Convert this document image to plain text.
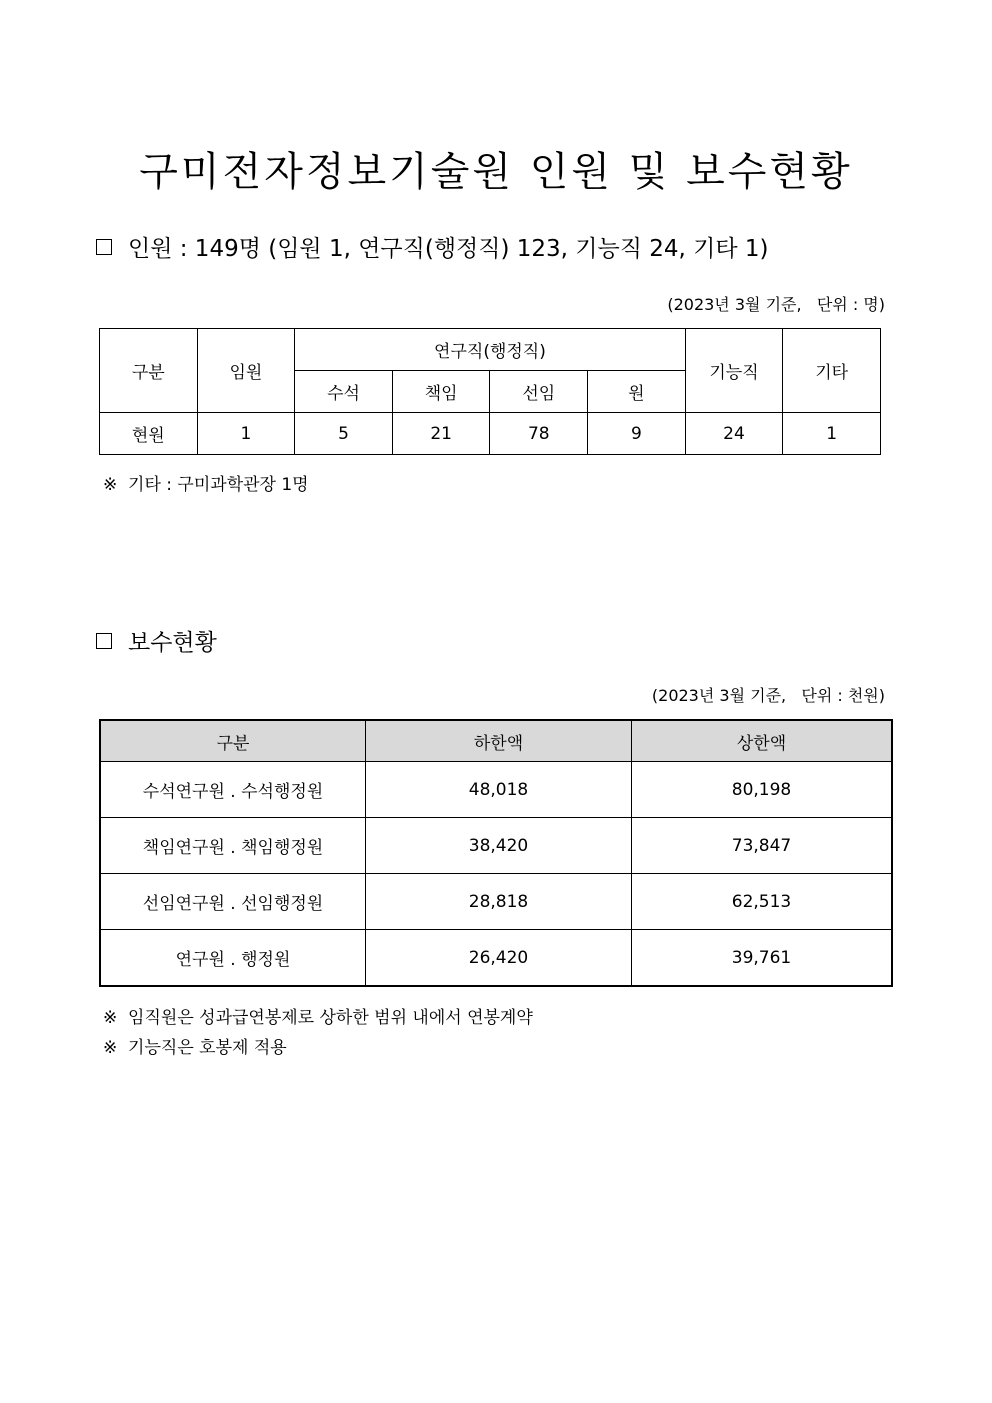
구미전자정보기술원 인원 및 보수현황
인원 : 149명 (임원 1, 연구직(행정직) 123, 기능직 24, 기타 1)
(2023년 3월 기준,   단위 : 명)
구분	임원	연구직(행정직)				기능직	기타
		수석	책임	선임	원		
현원	1	5	21	78	9	24	1
※  기타 : 구미과학관장 1명
보수현황
(2023년 3월 기준,   단위 : 천원)
구분	하한액	상한액
수석연구원 . 수석행정원	48,018	80,198
책임연구원 . 책임행정원	38,420	73,847
선임연구원 . 선임행정원	28,818	62,513
연구원 . 행정원	26,420	39,761
※  임직원은 성과급연봉제로 상하한 범위 내에서 연봉계약
※  기능직은 호봉제 적용
